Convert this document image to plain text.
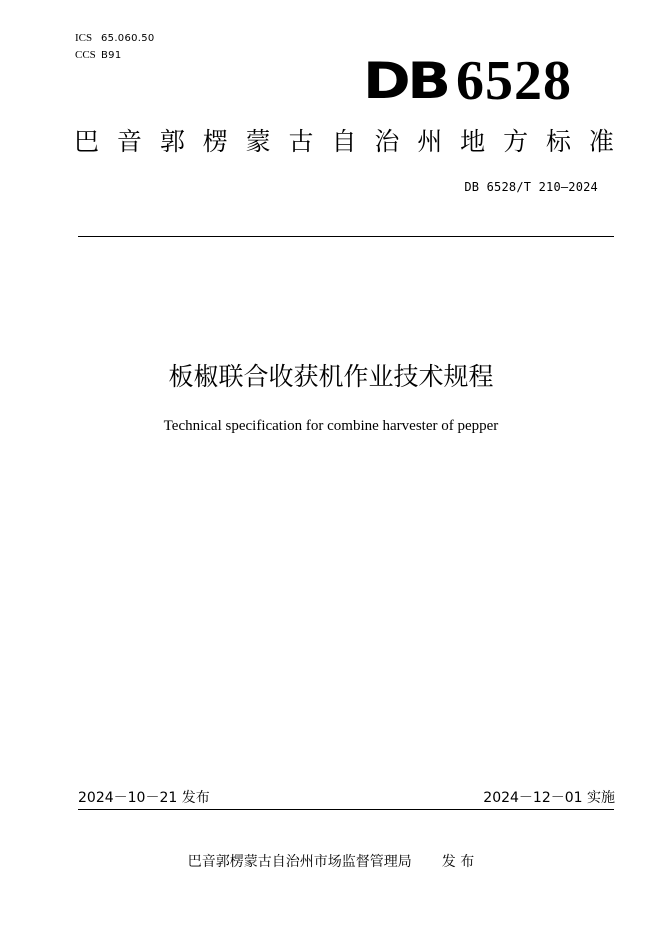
ICS 65.060.50
CCS B91	DB 6528
巴 音 郭 楞 蒙 古 自 治 州 地 方 标 准
DB 6528/T 210—2024
板椒联合收获机作业技术规程
Technical specification for combine harvester of pepper
2024－10－21 发布	2024－12－01 实施
巴音郭楞蒙古自治州市场监督管理局 发 布
